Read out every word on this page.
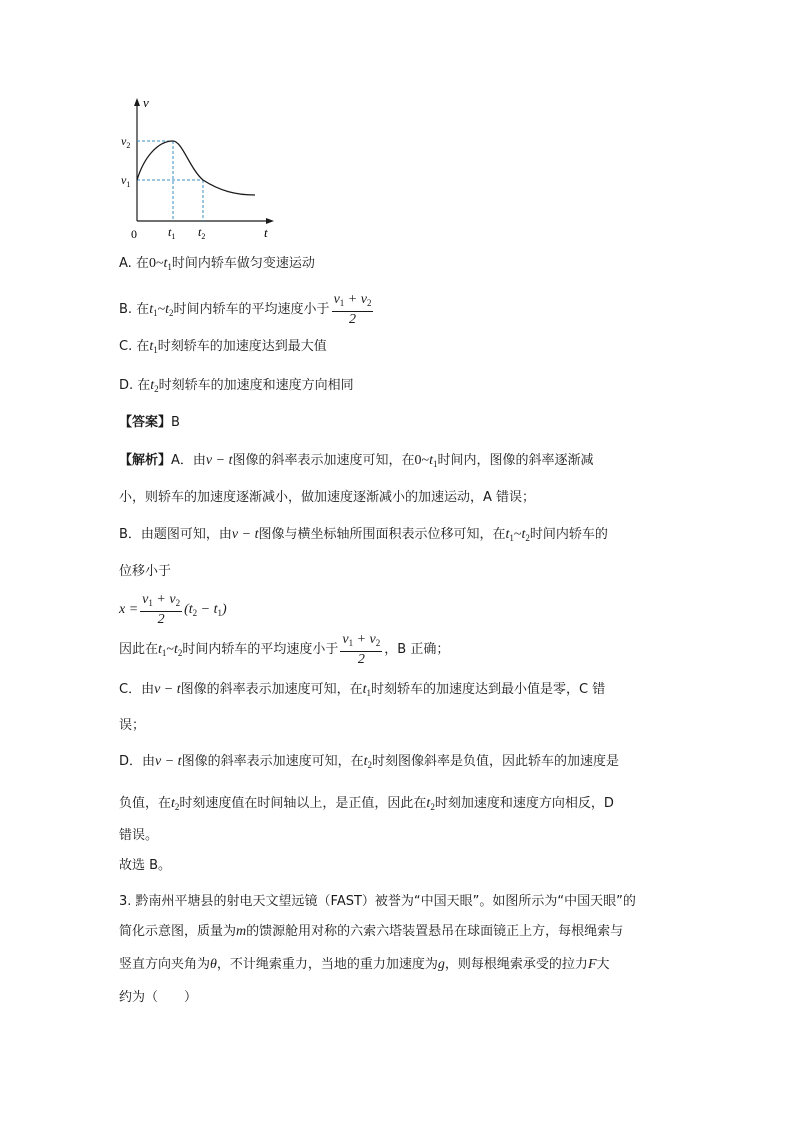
v
t
0
$v_2$
$v_1$
$t_1$ $t_2$
A. 在$0\sim t_1$时间内轿车做匀变速运动
B. 在$t_1\sim t_2$时间内轿车的平均速度小于 $\frac{v_1 + v_2}{2}$
C. 在$t_1$时刻轿车的加速度达到最大值
D. 在$t_2$时刻轿车的加速度和速度方向相同
【答案】B
【解析】A．由v − t图像的斜率表示加速度可知，在$0\sim t_1$时间内，图像的斜率逐渐减
小，则轿车的加速度逐渐减小，做加速度逐渐减小的加速运动，A 错误；
B．由题图可知，由v − t图像与横坐标轴所围面积表示位移可知，在$t_1\sim t_2$时间内轿车的
位移小于
$x = \frac{v_1 + v_2}{2} (t_2 - t_1)$
因此在$t_1\sim t_2$时间内轿车的平均速度小于 $\frac{v_1 + v_2}{2}$ ，B 正确；
C．由v − t图像的斜率表示加速度可知，在$t_1$时刻轿车的加速度达到最小值是零，C 错
误；
D．由v − t图像的斜率表示加速度可知，在$t_2$时刻图像斜率是负值，因此轿车的加速度是
负值，在$t_2$时刻速度值在时间轴以上，是正值，因此在$t_2$时刻加速度和速度方向相反，D
错误。
故选 B。
3. 黔南州平塘县的射电天文望远镜（FAST）被誉为“中国天眼”。如图所示为“中国天眼”的
简化示意图，质量为m的馈源舱用对称的六索六塔装置悬吊在球面镜正上方，每根绳索与
竖直方向夹角为θ，不计绳索重力，当地的重力加速度为g，则每根绳索承受的拉力F大
约为（　　）
